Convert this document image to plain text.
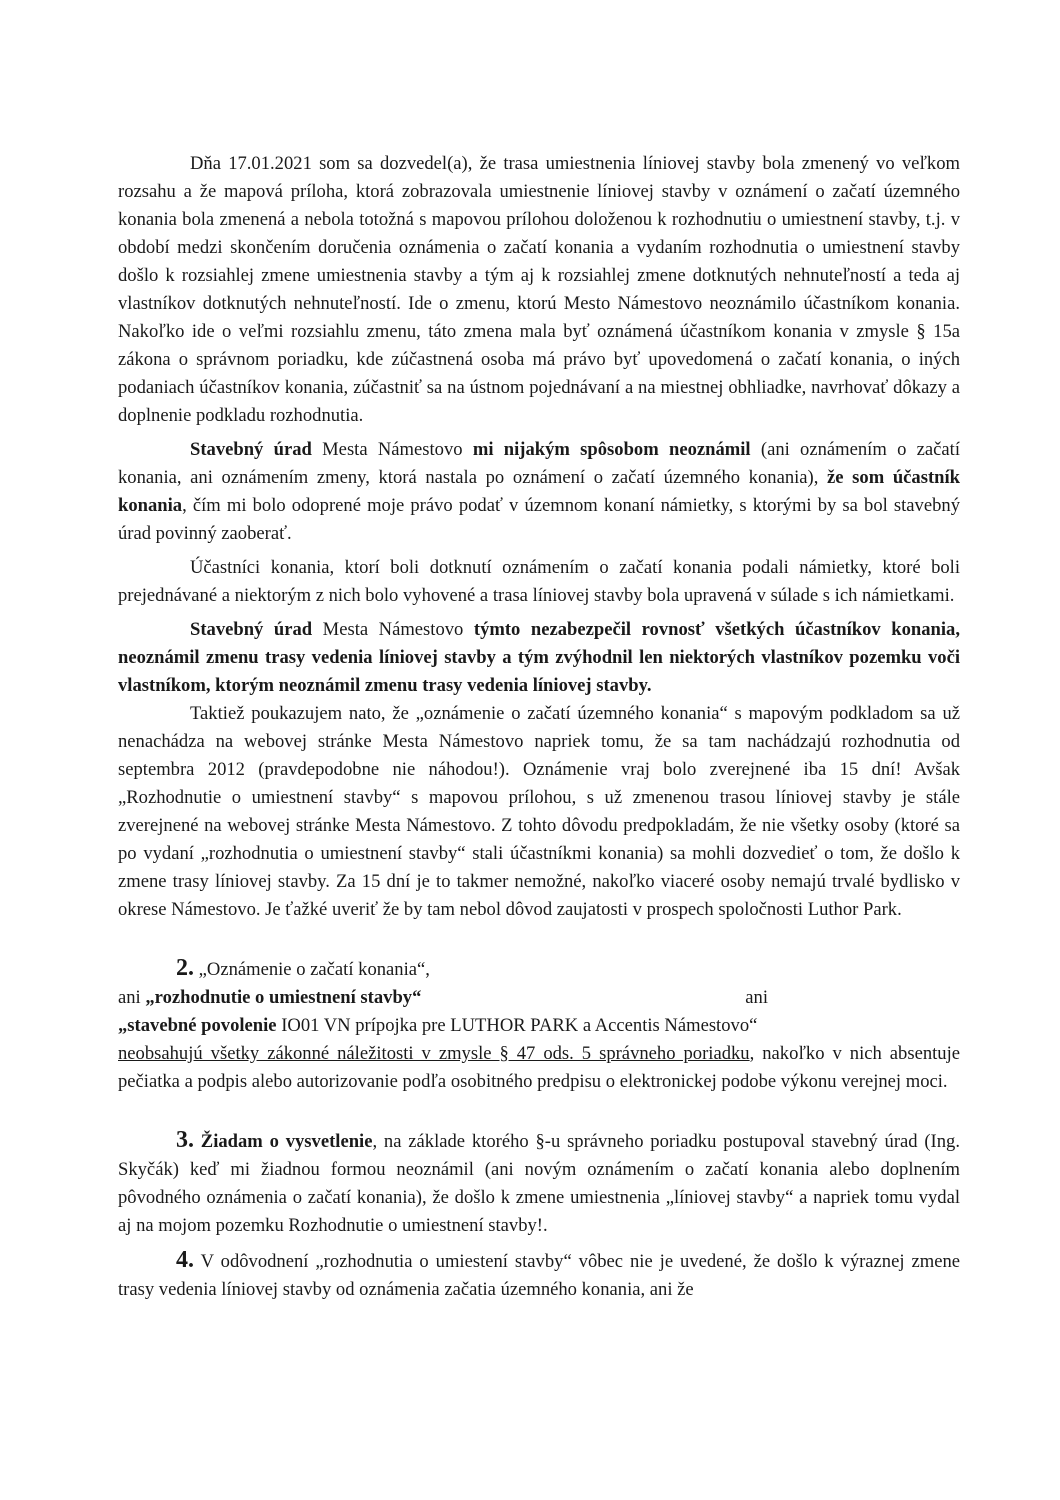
Dňa 17.01.2021 som sa dozvedel(a), že trasa umiestnenia líniovej stavby bola zmenený vo veľkom rozsahu a že mapová príloha, ktorá zobrazovala umiestnenie líniovej stavby v oznámení o začatí územného konania bola zmenená a nebola totožná s mapovou prílohou doloženou k rozhodnutiu o umiestnení stavby, t.j. v období medzi skončením doručenia oznámenia o začatí konania a vydaním rozhodnutia o umiestnení stavby došlo k rozsiahlej zmene umiestnenia stavby a tým aj k rozsiahlej zmene dotknutých nehnuteľností a teda aj vlastníkov dotknutých nehnuteľností. Ide o zmenu, ktorú Mesto Námestovo neoznámilo účastníkom konania. Nakoľko ide o veľmi rozsiahlu zmenu, táto zmena mala byť oznámená účastníkom konania v zmysle § 15a zákona o správnom poriadku, kde zúčastnená osoba má právo byť upovedomená o začatí konania, o iných podaniach účastníkov konania, zúčastniť sa na ústnom pojednávaní a na miestnej obhliadke, navrhovať dôkazy a doplnenie podkladu rozhodnutia.

Stavebný úrad Mesta Námestovo mi nijakým spôsobom neoznámil (ani oznámením o začatí konania, ani oznámením zmeny, ktorá nastala po oznámení o začatí územného konania), že som účastník konania, čím mi bolo odoprené moje právo podať v územnom konaní námietky, s ktorými by sa bol stavebný úrad povinný zaoberať.

Účastníci konania, ktorí boli dotknutí oznámením o začatí konania podali námietky, ktoré boli prejednávané a niektorým z nich bolo vyhovené a trasa líniovej stavby bola upravená v súlade s ich námietkami.

Stavebný úrad Mesta Námestovo týmto nezabezpečil rovnosť všetkých účastníkov konania, neoznámil zmenu trasy vedenia líniovej stavby a tým zvýhodnil len niektorých vlastníkov pozemku voči vlastníkom, ktorým neoznámil zmenu trasy vedenia líniovej stavby.

Taktiež poukazujem nato, že „oznámenie o začatí územného konania“ s mapovým podkladom sa už nenachádza na webovej stránke Mesta Námestovo napriek tomu, že sa tam nachádzajú rozhodnutia od septembra 2012 (pravdepodobne nie náhodou!). Oznámenie vraj bolo zverejnené iba 15 dní! Avšak „Rozhodnutie o umiestnení stavby“ s mapovou prílohou, s už zmenenou trasou líniovej stavby je stále zverejnené na webovej stránke Mesta Námestovo. Z tohto dôvodu predpokladám, že nie všetky osoby (ktoré sa po vydaní „rozhodnutia o umiestnení stavby“ stali účastníkmi konania) sa mohli dozvedieť o tom, že došlo k zmene trasy líniovej stavby. Za 15 dní je to takmer nemožné, nakoľko viaceré osoby nemajú trvalé bydlisko v okrese Námestovo. Je ťažké uveriť že by tam nebol dôvod zaujatosti v prospech spoločnosti Luthor Park.

2. „Oznámenie o začatí konania“,
ani „rozhodnutie o umiestnení stavby“	ani
„stavebné povolenie IO01 VN prípojka pre LUTHOR PARK a Accentis Námestovo“

neobsahujú všetky zákonné náležitosti v zmysle § 47 ods. 5 správneho poriadku, nakoľko v nich absentuje pečiatka a podpis alebo autorizovanie podľa osobitného predpisu o elektronickej podobe výkonu verejnej moci.

3. Žiadam o vysvetlenie, na základe ktorého §-u správneho poriadku postupoval stavebný úrad (Ing. Skyčák) keď mi žiadnou formou neoznámil (ani novým oznámením o začatí konania alebo doplnením pôvodného oznámenia o začatí konania), že došlo k zmene umiestnenia „líniovej stavby“ a napriek tomu vydal aj na mojom pozemku Rozhodnutie o umiestnení stavby!.

4. V odôvodnení „rozhodnutia o umiestení stavby“ vôbec nie je uvedené, že došlo k výraznej zmene trasy vedenia líniovej stavby od oznámenia začatia územného konania, ani že
